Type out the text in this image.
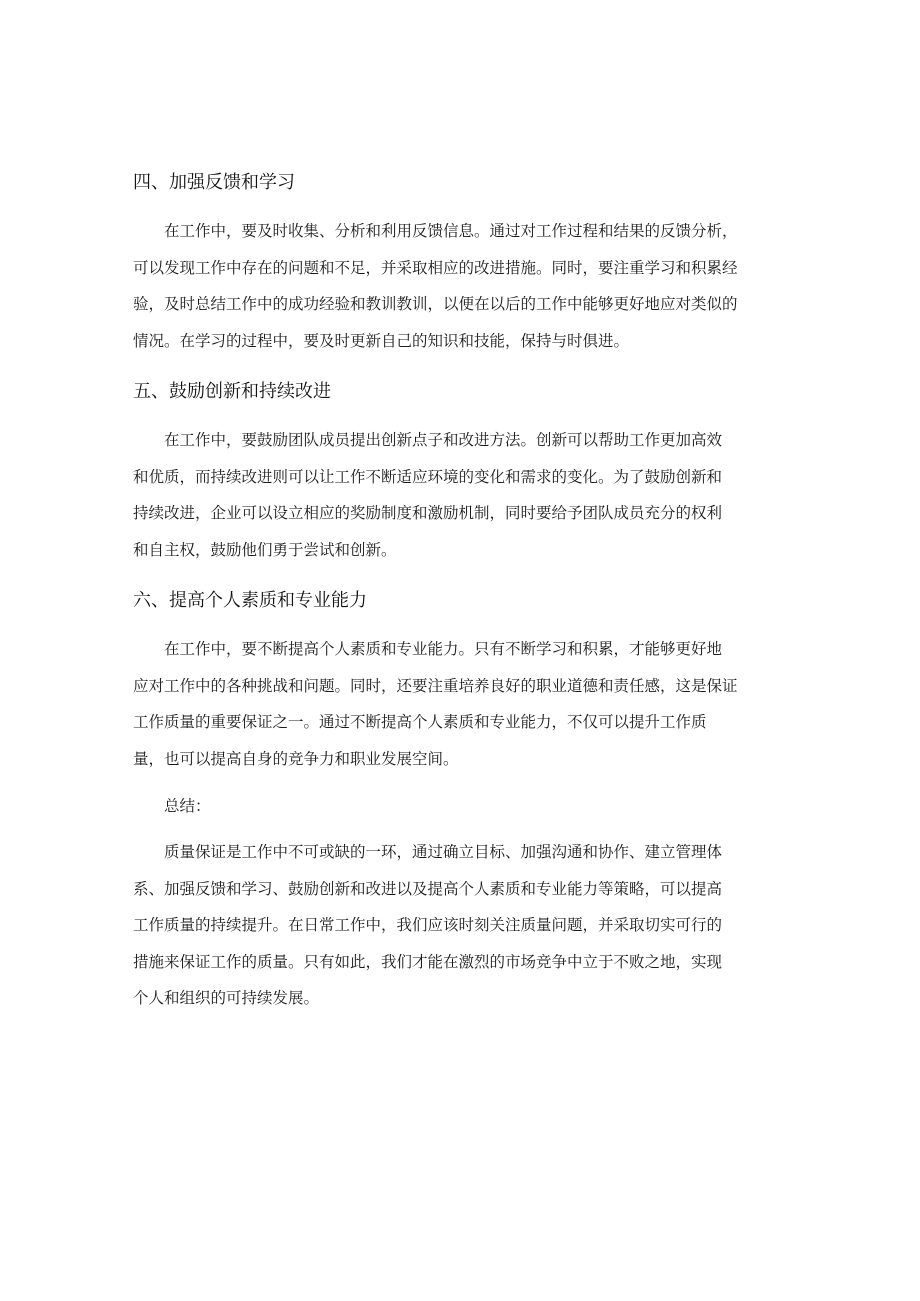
四、加强反馈和学习
在工作中，要及时收集、分析和利用反馈信息。通过对工作过程和结果的反馈分析，
可以发现工作中存在的问题和不足，并采取相应的改进措施。同时，要注重学习和积累经
验，及时总结工作中的成功经验和教训教训，以便在以后的工作中能够更好地应对类似的
情况。在学习的过程中，要及时更新自己的知识和技能，保持与时俱进。
五、鼓励创新和持续改进
在工作中，要鼓励团队成员提出创新点子和改进方法。创新可以帮助工作更加高效
和优质，而持续改进则可以让工作不断适应环境的变化和需求的变化。为了鼓励创新和
持续改进，企业可以设立相应的奖励制度和激励机制，同时要给予团队成员充分的权利
和自主权，鼓励他们勇于尝试和创新。
六、提高个人素质和专业能力
在工作中，要不断提高个人素质和专业能力。只有不断学习和积累，才能够更好地
应对工作中的各种挑战和问题。同时，还要注重培养良好的职业道德和责任感，这是保证
工作质量的重要保证之一。通过不断提高个人素质和专业能力，不仅可以提升工作质
量，也可以提高自身的竞争力和职业发展空间。

总结：

质量保证是工作中不可或缺的一环，通过确立目标、加强沟通和协作、建立管理体
系、加强反馈和学习、鼓励创新和改进以及提高个人素质和专业能力等策略，可以提高
工作质量的持续提升。在日常工作中，我们应该时刻关注质量问题，并采取切实可行的
措施来保证工作的质量。只有如此，我们才能在激烈的市场竞争中立于不败之地，实现
个人和组织的可持续发展。
